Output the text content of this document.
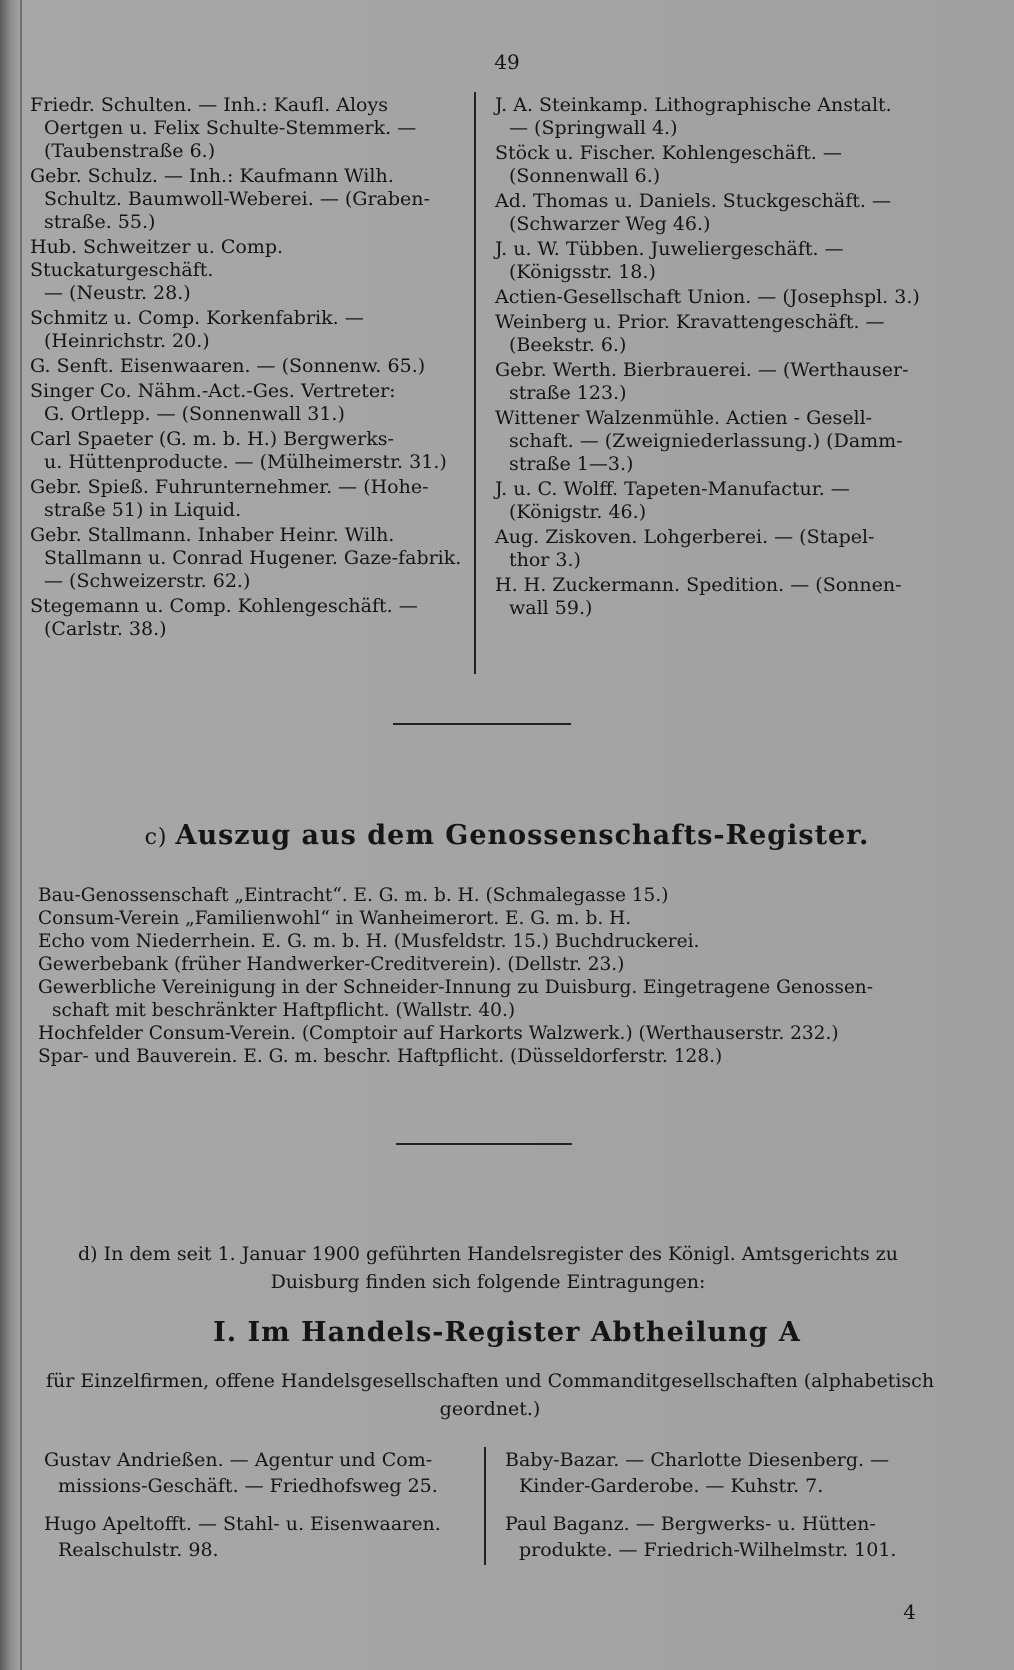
49
Friedr. Schulten. — Inh.: Kaufl. Aloys
Oertgen u. Felix Schulte-Stemmerk. — (Taubenstraße 6.)
Gebr. Schulz. — Inh.: Kaufmann Wilh.
Schultz. Baumwoll-Weberei. — (Graben-straße. 55.)
Hub. Schweitzer u. Comp. Stuckaturgeschäft.
— (Neustr. 28.)
Schmitz u. Comp. Korkenfabrik. —
(Heinrichstr. 20.)
G. Senft. Eisenwaaren. — (Sonnenw. 65.)
Singer Co. Nähm.-Act.-Ges. Vertreter:
G. Ortlepp. — (Sonnenwall 31.)
Carl Spaeter (G. m. b. H.) Bergwerks-
u. Hüttenproducte. — (Mülheimerstr. 31.)
Gebr. Spieß. Fuhrunternehmer. — (Hohe-
straße 51) in Liquid.
Gebr. Stallmann. Inhaber Heinr. Wilh.
Stallmann u. Conrad Hugener. Gaze-fabrik. — (Schweizerstr. 62.)
Stegemann u. Comp. Kohlengeschäft. —
(Carlstr. 38.)
J. A. Steinkamp. Lithographische Anstalt.
— (Springwall 4.)
Stöck u. Fischer. Kohlengeschäft. —
(Sonnenwall 6.)
Ad. Thomas u. Daniels. Stuckgeschäft. —
(Schwarzer Weg 46.)
J. u. W. Tübben. Juweliergeschäft. —
(Königsstr. 18.)
Actien-Gesellschaft Union. — (Josephspl. 3.)
Weinberg u. Prior. Kravattengeschäft. —
(Beekstr. 6.)
Gebr. Werth. Bierbrauerei. — (Werthauser-
straße 123.)
Wittener Walzenmühle. Actien - Gesell-
schaft. — (Zweigniederlassung.) (Damm-straße 1—3.)
J. u. C. Wolff. Tapeten-Manufactur. —
(Königstr. 46.)
Aug. Ziskoven. Lohgerberei. — (Stapel-
thor 3.)
H. H. Zuckermann. Spedition. — (Sonnen-
wall 59.)
c) Auszug aus dem Genossenschafts-Register.
Bau-Genossenschaft „Eintracht“. E. G. m. b. H. (Schmalegasse 15.)
Consum-Verein „Familienwohl“ in Wanheimerort. E. G. m. b. H.
Echo vom Niederrhein. E. G. m. b. H. (Musfeldstr. 15.) Buchdruckerei.
Gewerbebank (früher Handwerker-Creditverein). (Dellstr. 23.)
Gewerbliche Vereinigung in der Schneider-Innung zu Duisburg. Eingetragene Genossen-
schaft mit beschränkter Haftpflicht. (Wallstr. 40.)
Hochfelder Consum-Verein. (Comptoir auf Harkorts Walzwerk.) (Werthauserstr. 232.)
Spar- und Bauverein. E. G. m. beschr. Haftpflicht. (Düsseldorferstr. 128.)
d) In dem seit 1. Januar 1900 geführten Handelsregister des Königl. Amtsgerichts zu
Duisburg finden sich folgende Eintragungen:
I. Im Handels-Register Abtheilung A
für Einzelfirmen, offene Handelsgesellschaften und Commanditgesellschaften (alphabetisch
geordnet.)
Gustav Andrießen. — Agentur und Com-
missions-Geschäft. — Friedhofsweg 25.
Hugo Apeltofft. — Stahl- u. Eisenwaaren.
Realschulstr. 98.
Baby-Bazar. — Charlotte Diesenberg. —
Kinder-Garderobe. — Kuhstr. 7.
Paul Baganz. — Bergwerks- u. Hütten-
produkte. — Friedrich-Wilhelmstr. 101.
4
